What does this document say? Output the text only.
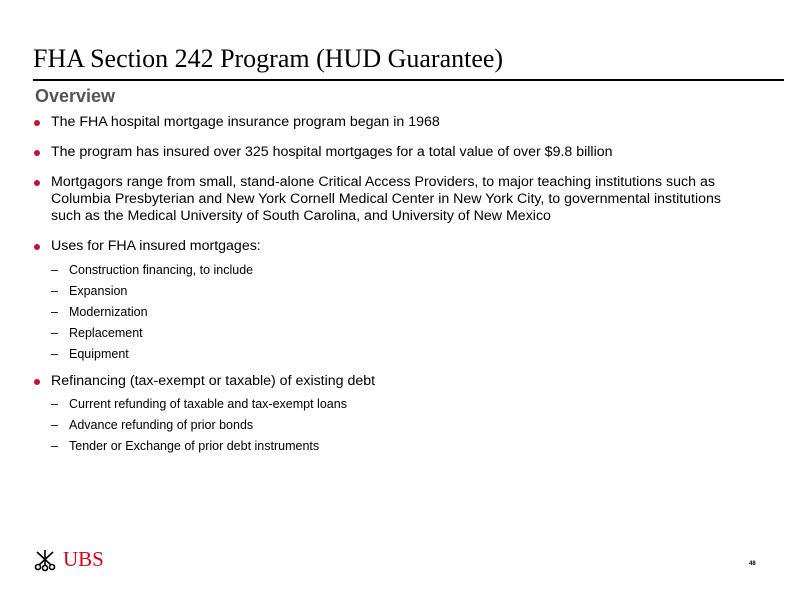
FHA Section 242 Program (HUD Guarantee)
Overview
The FHA hospital mortgage insurance program began in 1968
The program has insured over 325 hospital mortgages for a total value of over $9.8 billion
Mortgagors range from small, stand-alone Critical Access Providers, to major teaching institutions such as Columbia Presbyterian and New York Cornell Medical Center in New York City, to governmental institutions such as the Medical University of South Carolina, and University of New Mexico
Uses for FHA insured mortgages:
– Construction financing, to include
– Expansion
– Modernization
– Replacement
– Equipment
Refinancing (tax-exempt or taxable) of existing debt
– Current refunding of taxable and tax-exempt loans
– Advance refunding of prior bonds
– Tender or Exchange of prior debt instruments
UBS	48
